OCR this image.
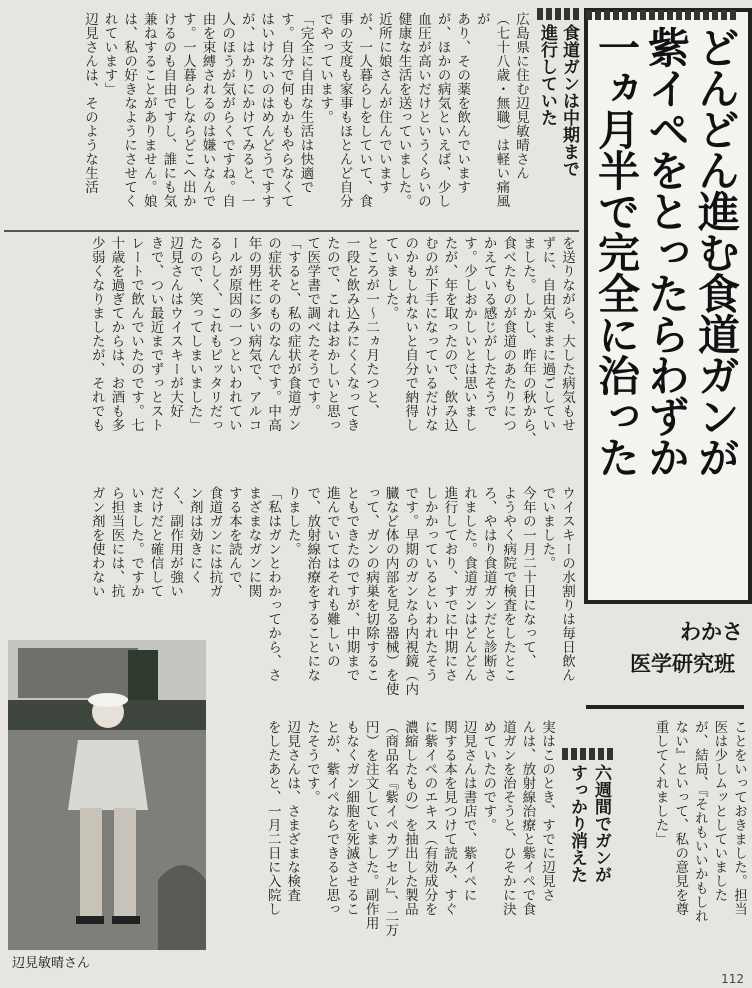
どんどん進む食道ガンが
紫イペをとったらわずか
一ヵ月半で完全に治った
わかさ
医学研究班
食道ガンは中期まで
進行していた
広島県に住む辺見敏晴さん
（七十八歳・無職）は軽い痛風が
あり、その薬を飲んでいます
が、ほかの病気といえば、少し
血圧が高いだけというくらいの
健康な生活を送っていました。
近所に娘さんが住んでいます
が、一人暮らしをしていて、食
事の支度も家事もほとんど自分
でやっています。
「完全に自由な生活は快適で
す。自分で何もかもやらなくて
はいけないのはめんどうですす
が、はかりにかけてみると、一
人のほうが気がらくですね。自
由を束縛されるのは嫌いなんで
す。一人暮らしならどこへ出か
けるのも自由ですし、誰にも気
兼ねすることがありません。娘
は、私の好きなようにさせてく
れています」
辺見さんは、そのような生活
を送りながら、大した病気もせ
ずに、自由気ままに過ごしてい
ました。しかし、昨年の秋から、
食べたものが食道のあたりにつ
かえている感じがしたそうで
す。少しおかしいとは思いまし
たが、年を取ったので、飲み込
むのが下手になっているだけな
のかもしれないと自分で納得し
ていました。
ところが一～二ヵ月たつと、
一段と飲み込みにくくなってき
たので、これはおかしいと思っ
て医学書で調べたそうです。
「すると、私の症状が食道ガン
の症状そのものなんです。中高
年の男性に多い病気で、アルコ
ールが原因の一つといわれてい
るらしく、これもピッタリだっ
たので、笑ってしまいました」
辺見さんはウイスキーが大好
きで、つい最近までずっとスト
レートで飲んでいたのです。七
十歳を過ぎてからは、お酒も多
少弱くなりましたが、それでも
ウイスキーの水割りは毎日飲ん
でいました。
今年の一月二十日になって、
ようやく病院で検査をしたとこ
ろ、やはり食道ガンだと診断さ
れました。食道ガンはどんどん
進行しており、すでに中期にさ
しかかっているといわれたそう
です。早期のガンなら内視鏡（内
臓など体の内部を見る器械）を使
って、ガンの病巣を切除するこ
ともできたのですが、中期まで
進んでいてはそれも難しいの
で、放射線治療をすることにな
りました。
「私はガンとわかってから、さ
まざまなガンに関
する本を読んで、
食道ガンには抗ガ
ン剤は効きにく
く、副作用が強い
だけだと確信して
いました。ですか
ら担当医には、抗
ガン剤を使わない
辺見敏晴さん
六週間でガンが
すっかり消えた	ことをいっておきました。担当
医は少しムッとしていました
が、結局、『それもいいかもしれ
ない』といって、私の意見を尊
重してくれました」
実はこのとき、すでに辺見さ
んは、放射線治療と紫イペで食
道ガンを治そうと、ひそかに決
めていたのです。
辺見さんは書店で、紫イペに
関する本を見つけて読み、すぐ
に紫イペのエキス（有効成分を
濃縮したもの）を抽出した製品
（商品名『紫イペカプセル』、二万
円）を注文していました。副作用
もなくガン細胞を死滅させるこ
とが、紫イペならできると思っ
たそうです。
辺見さんは、さまざまな検査
をしたあと、一月二日に入院し
112
